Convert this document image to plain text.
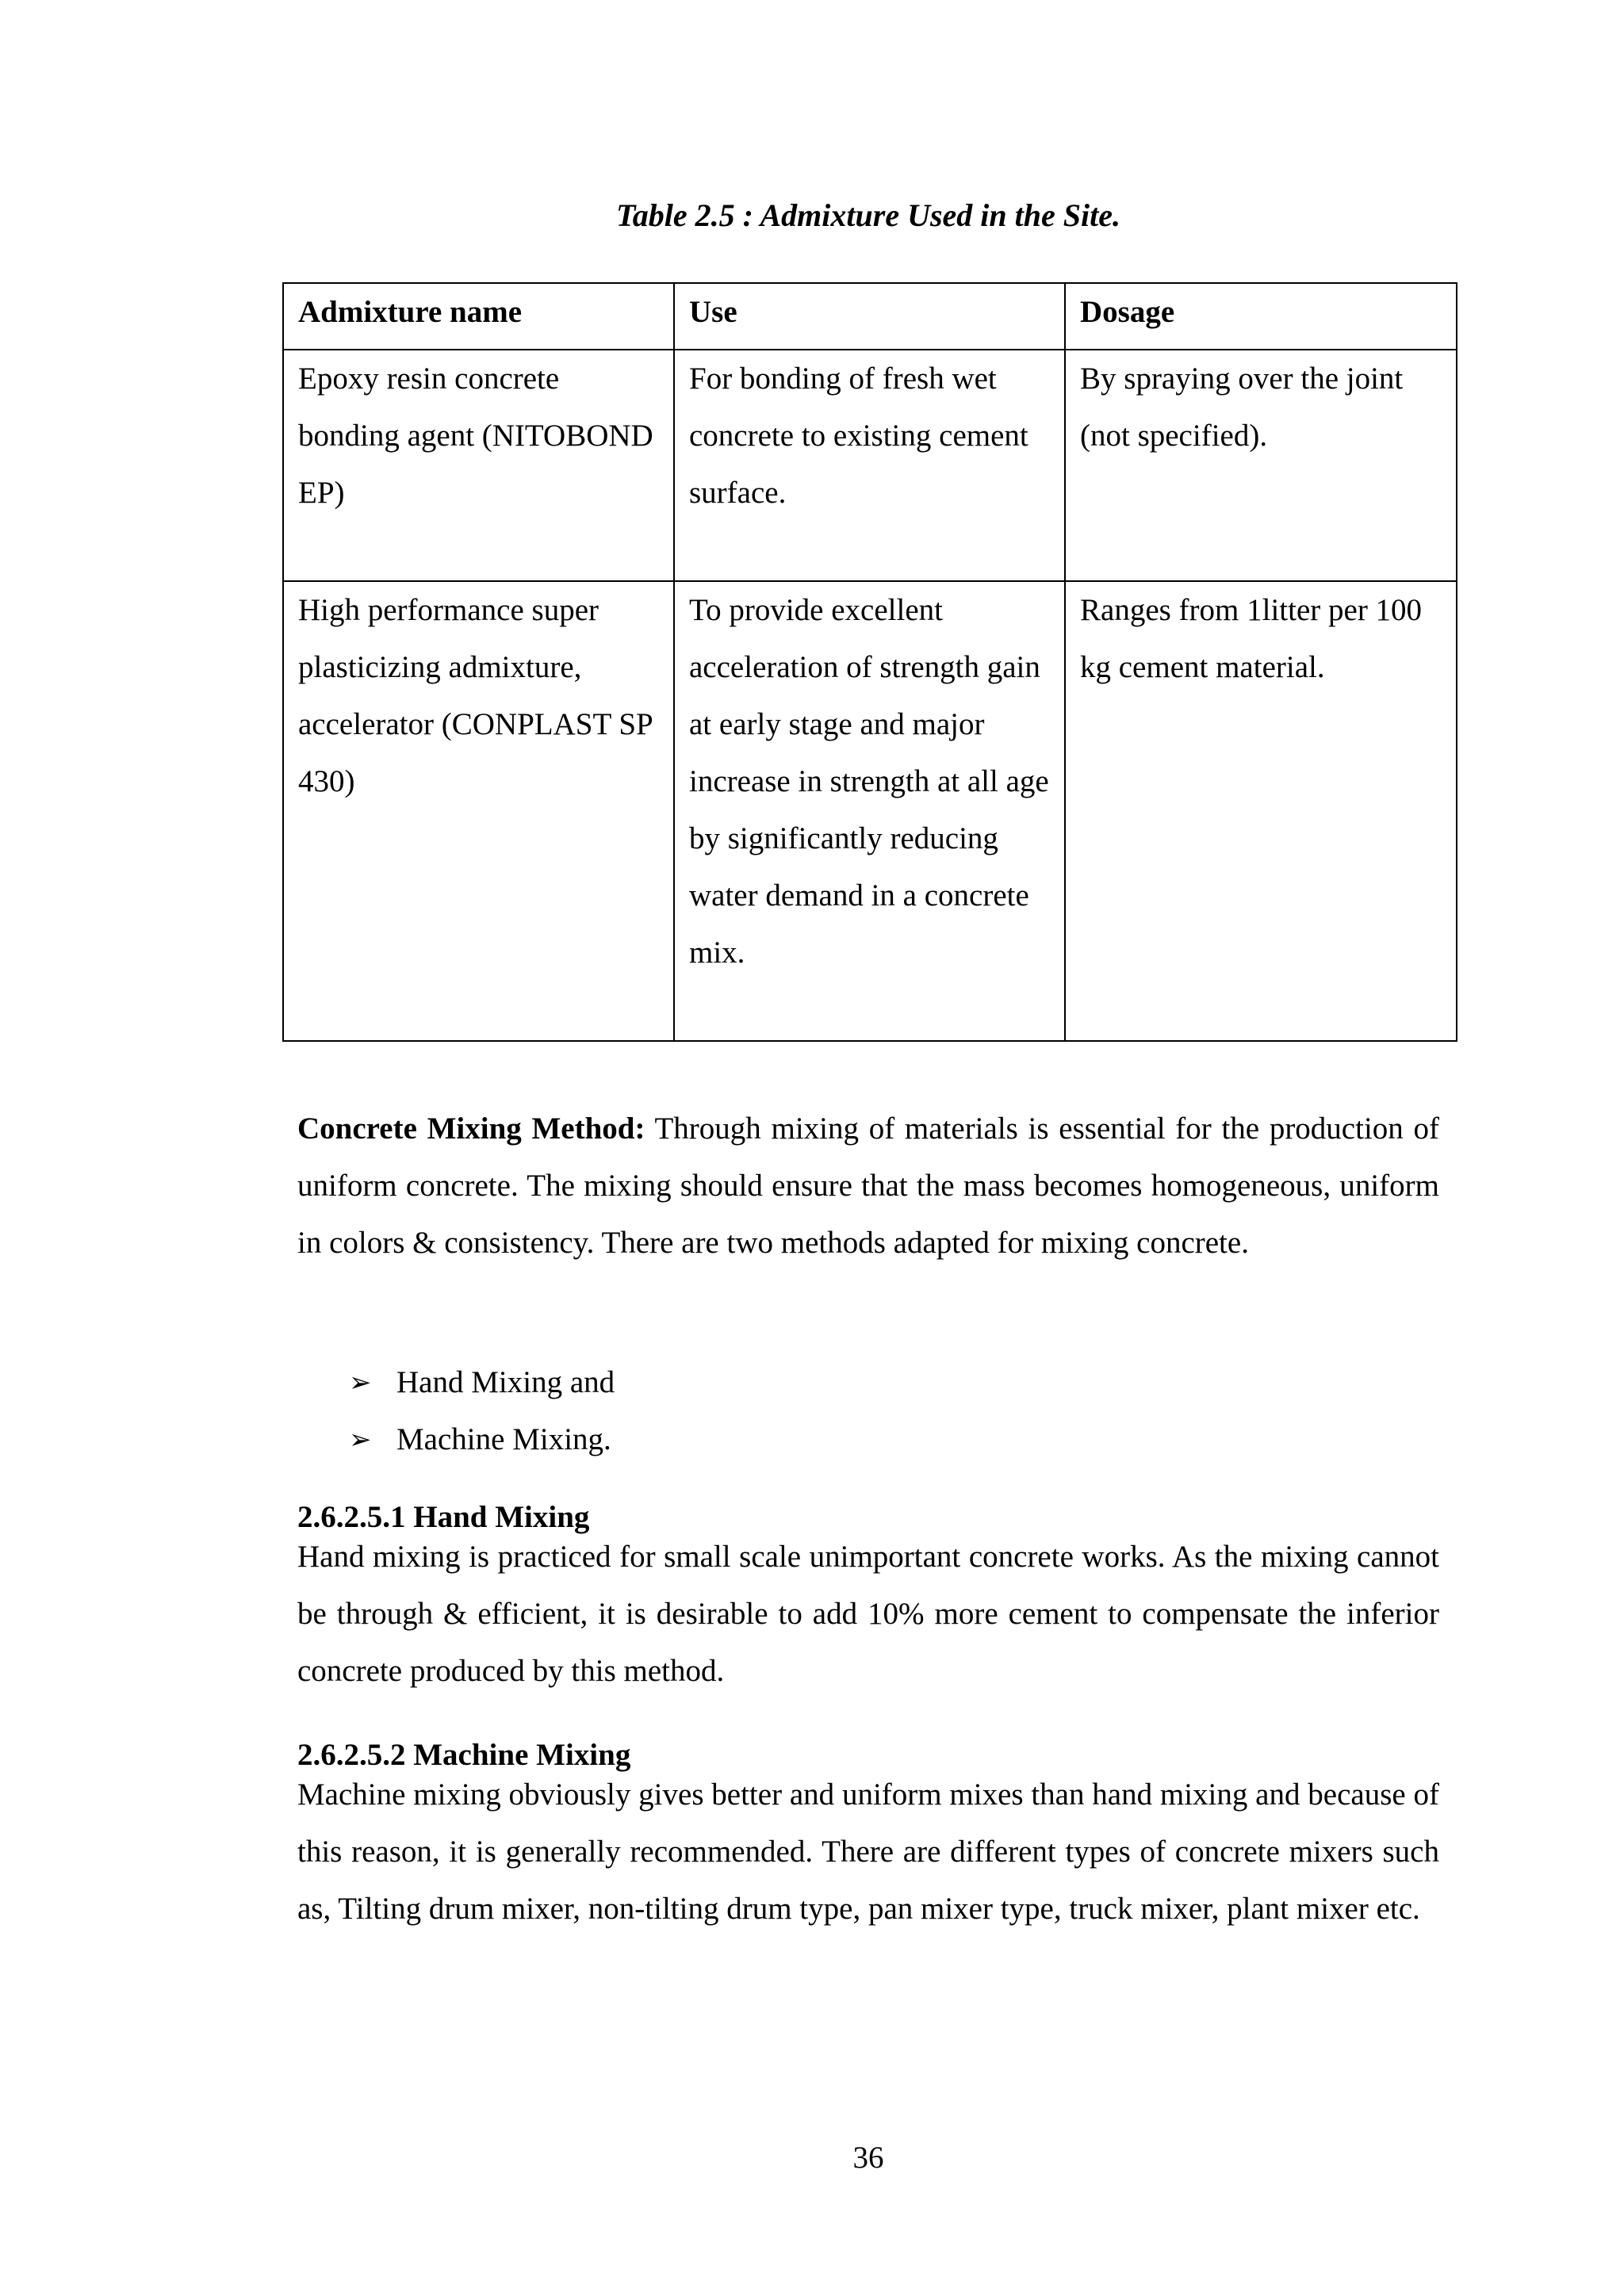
Table 2.5 : Admixture Used in the Site.
Admixture name	Use	Dosage

Epoxy resin concrete bonding agent (NITOBOND EP)	For bonding of fresh wet concrete to existing cement surface.	By spraying over the joint (not specified).

High performance super plasticizing admixture, accelerator (CONPLAST SP 430)	To provide excellent acceleration of strength gain at early stage and major increase in strength at all age by significantly reducing water demand in a concrete mix.	Ranges from 1litter per 100 kg cement material.

Concrete Mixing Method: Through mixing of materials is essential for the production of uniform concrete. The mixing should ensure that the mass becomes homogeneous, uniform in colors & consistency. There are two methods adapted for mixing concrete.

➢ Hand Mixing and
➢ Machine Mixing.
2.6.2.5.1 Hand Mixing

Hand mixing is practiced for small scale unimportant concrete works. As the mixing cannot be through & efficient, it is desirable to add 10% more cement to compensate the inferior concrete produced by this method.

2.6.2.5.2 Machine Mixing

Machine mixing obviously gives better and uniform mixes than hand mixing and because of this reason, it is generally recommended. There are different types of concrete mixers such as, Tilting drum mixer, non-tilting drum type, pan mixer type, truck mixer, plant mixer etc.

36
